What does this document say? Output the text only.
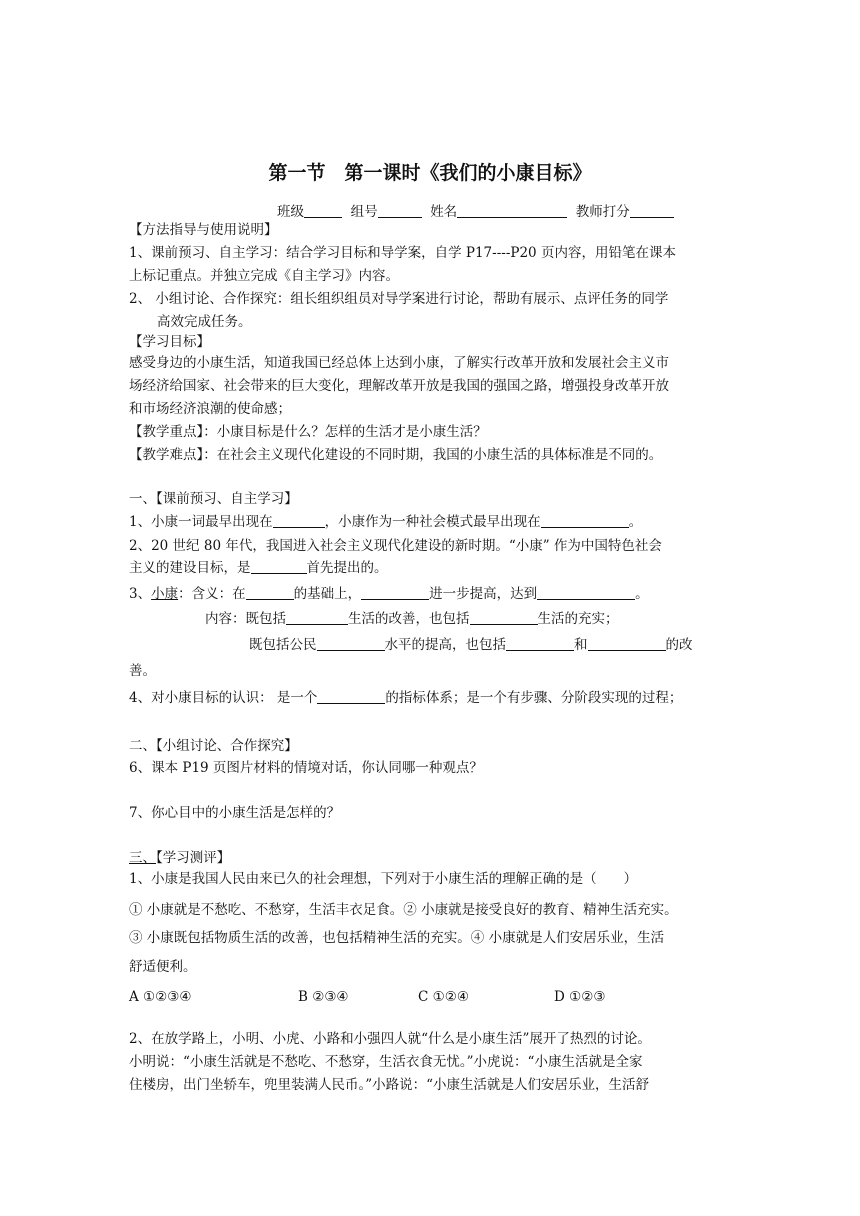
第一节　第一课时《我们的小康目标》
班级	组号	姓名	教师打分
【方法指导与使用说明】
1、课前预习、自主学习：结合学习目标和导学案，自学 P17----P20 页内容，用铅笔在课本
上标记重点。并独立完成《自主学习》内容。
2、 小组讨论、合作探究：组长组织组员对导学案进行讨论，帮助有展示、点评任务的同学
高效完成任务。
【学习目标】
感受身边的小康生活，知道我国已经总体上达到小康，了解实行改革开放和发展社会主义市
场经济给国家、社会带来的巨大变化，理解改革开放是我国的强国之路，增强投身改革开放
和市场经济浪潮的使命感；
【教学重点】：小康目标是什么？怎样的生活才是小康生活？
【教学难点】：在社会主义现代化建设的不同时期，我国的小康生活的具体标准是不同的。
一、【课前预习、自主学习】
1、小康一词最早出现在	，小康作为一种社会模式最早出现在	。
2、20 世纪 80 年代，我国进入社会主义现代化建设的新时期。“小康” 作为中国特色社会
主义的建设目标，是	首先提出的。
3、小康：含义：在	的基础上，	进一步提高，达到	。
内容：既包括	生活的改善，也包括	生活的充实；
既包括公民	水平的提高，也包括	和	的改
善。
4、对小康目标的认识： 是一个	的指标体系；是一个有步骤、分阶段实现的过程；
二、【小组讨论、合作探究】
6、课本 P19 页图片材料的情境对话，你认同哪一种观点？
7、你心目中的小康生活是怎样的？
三、【学习测评】
1、小康是我国人民由来已久的社会理想，下列对于小康生活的理解正确的是（　　）
① 小康就是不愁吃、不愁穿，生活丰衣足食。② 小康就是接受良好的教育、精神生活充实。
③ 小康既包括物质生活的改善，也包括精神生活的充实。④ 小康就是人们安居乐业，生活
舒适便利。
A ①②③④	B ②③④	C ①②④	D ①②③
2、在放学路上，小明、小虎、小路和小强四人就“什么是小康生活”展开了热烈的讨论。
小明说：“小康生活就是不愁吃、不愁穿，生活衣食无忧。”小虎说：“小康生活就是全家
住楼房，出门坐轿车，兜里装满人民币。”小路说：“小康生活就是人们安居乐业，生活舒
